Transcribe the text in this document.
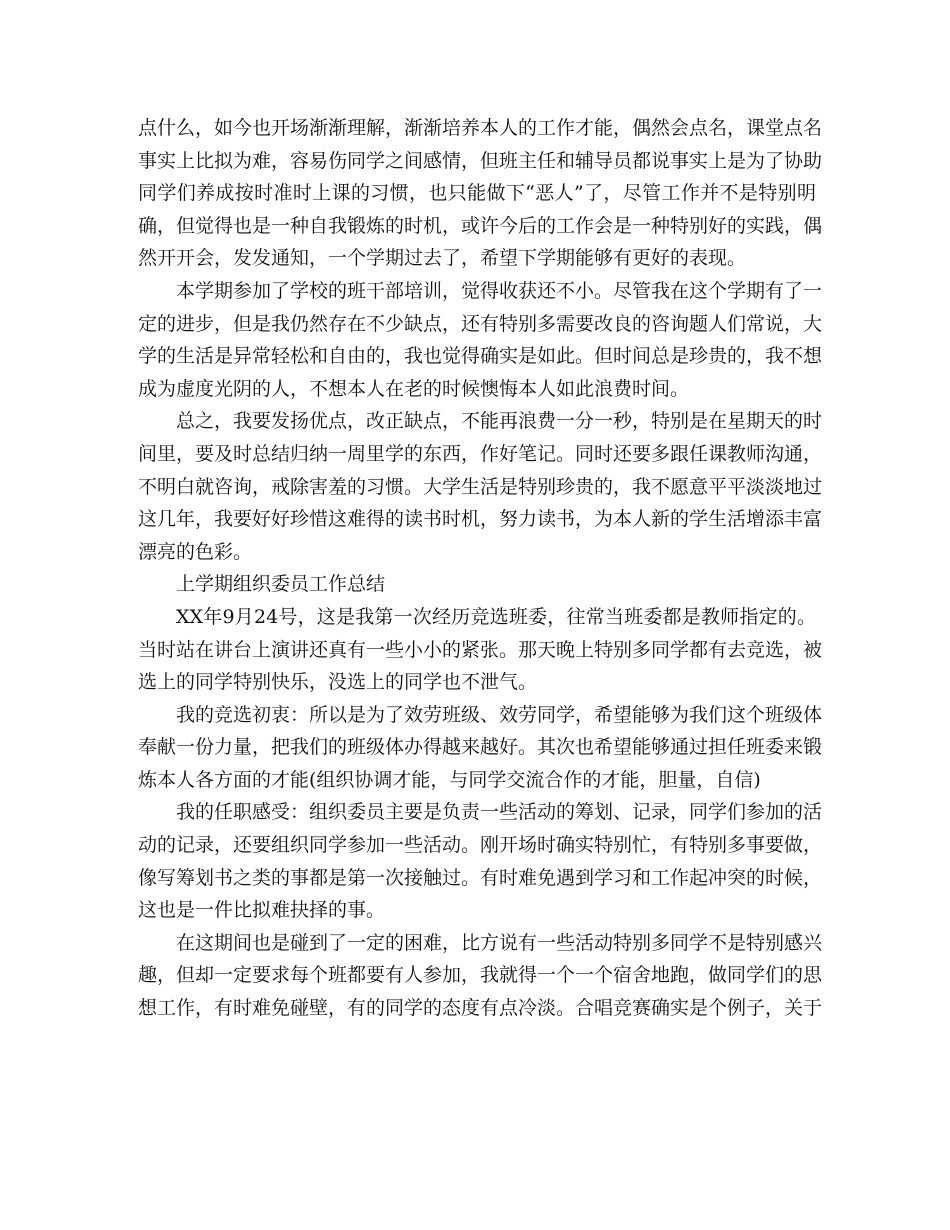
点什么，如今也开场渐渐理解，渐渐培养本人的工作才能，偶然会点名，课堂点名
事实上比拟为难，容易伤同学之间感情，但班主任和辅导员都说事实上是为了协助
同学们养成按时准时上课的习惯，也只能做下“恶人”了，尽管工作并不是特别明
确，但觉得也是一种自我锻炼的时机，或许今后的工作会是一种特别好的实践，偶
然开开会，发发通知，一个学期过去了，希望下学期能够有更好的表现。
本学期参加了学校的班干部培训，觉得收获还不小。尽管我在这个学期有了一
定的进步，但是我仍然存在不少缺点，还有特别多需要改良的咨询题人们常说，大
学的生活是异常轻松和自由的，我也觉得确实是如此。但时间总是珍贵的，我不想
成为虚度光阴的人，不想本人在老的时候懊悔本人如此浪费时间。
总之，我要发扬优点，改正缺点，不能再浪费一分一秒，特别是在星期天的时
间里，要及时总结归纳一周里学的东西，作好笔记。同时还要多跟任课教师沟通，
不明白就咨询，戒除害羞的习惯。大学生活是特别珍贵的，我不愿意平平淡淡地过
这几年，我要好好珍惜这难得的读书时机，努力读书，为本人新的学生活增添丰富
漂亮的色彩。
上学期组织委员工作总结
XX年9月24号，这是我第一次经历竞选班委，往常当班委都是教师指定的。
当时站在讲台上演讲还真有一些小小的紧张。那天晚上特别多同学都有去竞选，被
选上的同学特别快乐，没选上的同学也不泄气。
我的竞选初衷：所以是为了效劳班级、效劳同学，希望能够为我们这个班级体
奉献一份力量，把我们的班级体办得越来越好。其次也希望能够通过担任班委来锻
炼本人各方面的才能(组织协调才能，与同学交流合作的才能，胆量，自信)
我的任职感受：组织委员主要是负责一些活动的筹划、记录，同学们参加的活
动的记录，还要组织同学参加一些活动。刚开场时确实特别忙，有特别多事要做，
像写筹划书之类的事都是第一次接触过。有时难免遇到学习和工作起冲突的时候，
这也是一件比拟难抉择的事。
在这期间也是碰到了一定的困难，比方说有一些活动特别多同学不是特别感兴
趣，但却一定要求每个班都要有人参加，我就得一个一个宿舍地跑，做同学们的思
想工作，有时难免碰壁，有的同学的态度有点冷淡。合唱竞赛确实是个例子，关于
